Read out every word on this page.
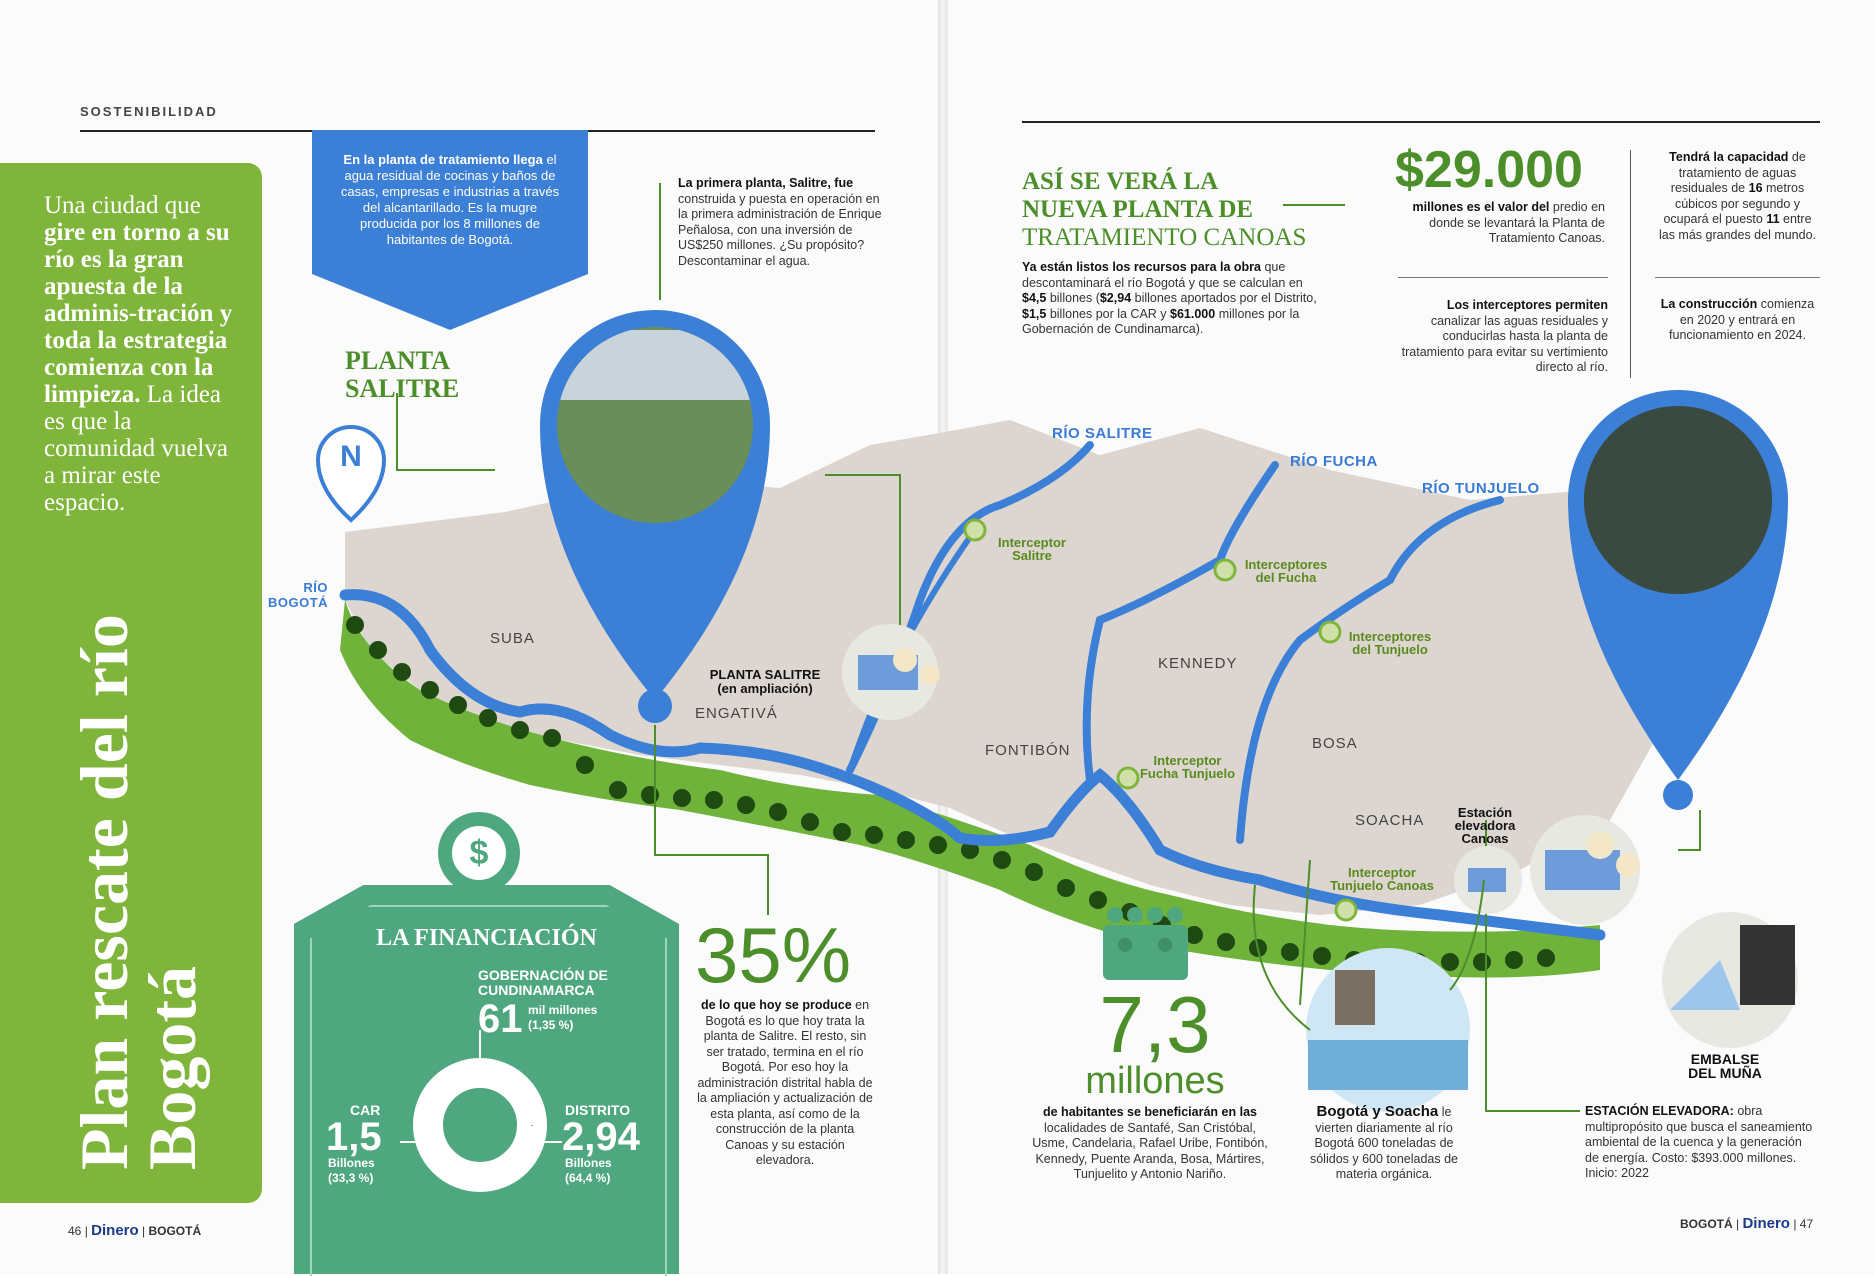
SOSTENIBILIDAD
Una ciudad que gire en torno a su río es la gran apuesta de la adminis-tración y toda la estrategia comienza con la limpieza. La idea es que la comunidad vuelva a mirar este espacio.
Plan rescate del río Bogotá
En la planta de tratamiento llega el agua residual de cocinas y baños de casas, empresas e industrias a través del alcantarillado. Es la mugre producida por los 8 millones de habitantes de Bogotá.
La primera planta, Salitre, fue construida y puesta en operación en la primera administración de Enrique Peñalosa, con una inversión de US$250 millones. ¿Su propósito? Descontaminar el agua.
PLANTA SALITRE
N
RÍO BOGOTÁ
SUBA
ENGATIVÁ
PLANTA SALITRE
(en ampliación)
FONTIBÓN
KENNEDY
BOSA
SOACHA
RÍO SALITRE
RÍO FUCHA
RÍO TUNJUELO
Interceptor
Salitre
Interceptores
del Fucha
Interceptores
del Tunjuelo
Interceptor
Fucha Tunjuelo
Interceptor
Tunjuelo Canoas
Estación
elevadora
Canoas
EMBALSE
DEL MUÑA
$
LA FINANCIACIÓN
GOBERNACIÓN DE
CUNDINAMARCA
61 mil millones
(1,35 %)
CAR
1,5
Billones
(33,3 %)
DISTRITO
2,94
Billones
(64,4 %)
35%
de lo que hoy se produce en Bogotá es lo que hoy trata la planta de Salitre. El resto, sin ser tratado, termina en el río Bogotá. Por eso hoy la administración distrital habla de la ampliación y actualización de esta planta, así como de la construcción de la planta Canoas y su estación elevadora.
46 | Dinero | BOGOTÁ
ASÍ SE VERÁ LA
NUEVA PLANTA DE
TRATAMIENTO CANOAS
Ya están listos los recursos para la obra que descontaminará el río Bogotá y que se calculan en $4,5 billones ($2,94 billones aportados por el Distrito, $1,5 billones por la CAR y $61.000 millones por la Gobernación de Cundinamarca).
$29.000
millones es el valor del predio en donde se levantará la Planta de Tratamiento Canoas.
Tendrá la capacidad de tratamiento de aguas residuales de 16 metros cúbicos por segundo y ocupará el puesto 11 entre las más grandes del mundo.
Los interceptores permiten canalizar las aguas residuales y conducirlas hasta la planta de tratamiento para evitar su vertimiento directo al río.
La construcción comienza en 2020 y entrará en funcionamiento en 2024.
7,3
millones
de habitantes se beneficiarán en las localidades de Santafé, San Cristóbal, Usme, Candelaria, Rafael Uribe, Fontibón, Kennedy, Puente Aranda, Bosa, Mártires, Tunjuelito y Antonio Nariño.
Bogotá y Soacha le vierten diariamente al río Bogotá 600 toneladas de sólidos y 600 toneladas de materia orgánica.
ESTACIÓN ELEVADORA: obra multipropósito que busca el saneamiento ambiental de la cuenca y la generación de energía. Costo: $393.000 millones. Inicio: 2022
BOGOTÁ | Dinero | 47
